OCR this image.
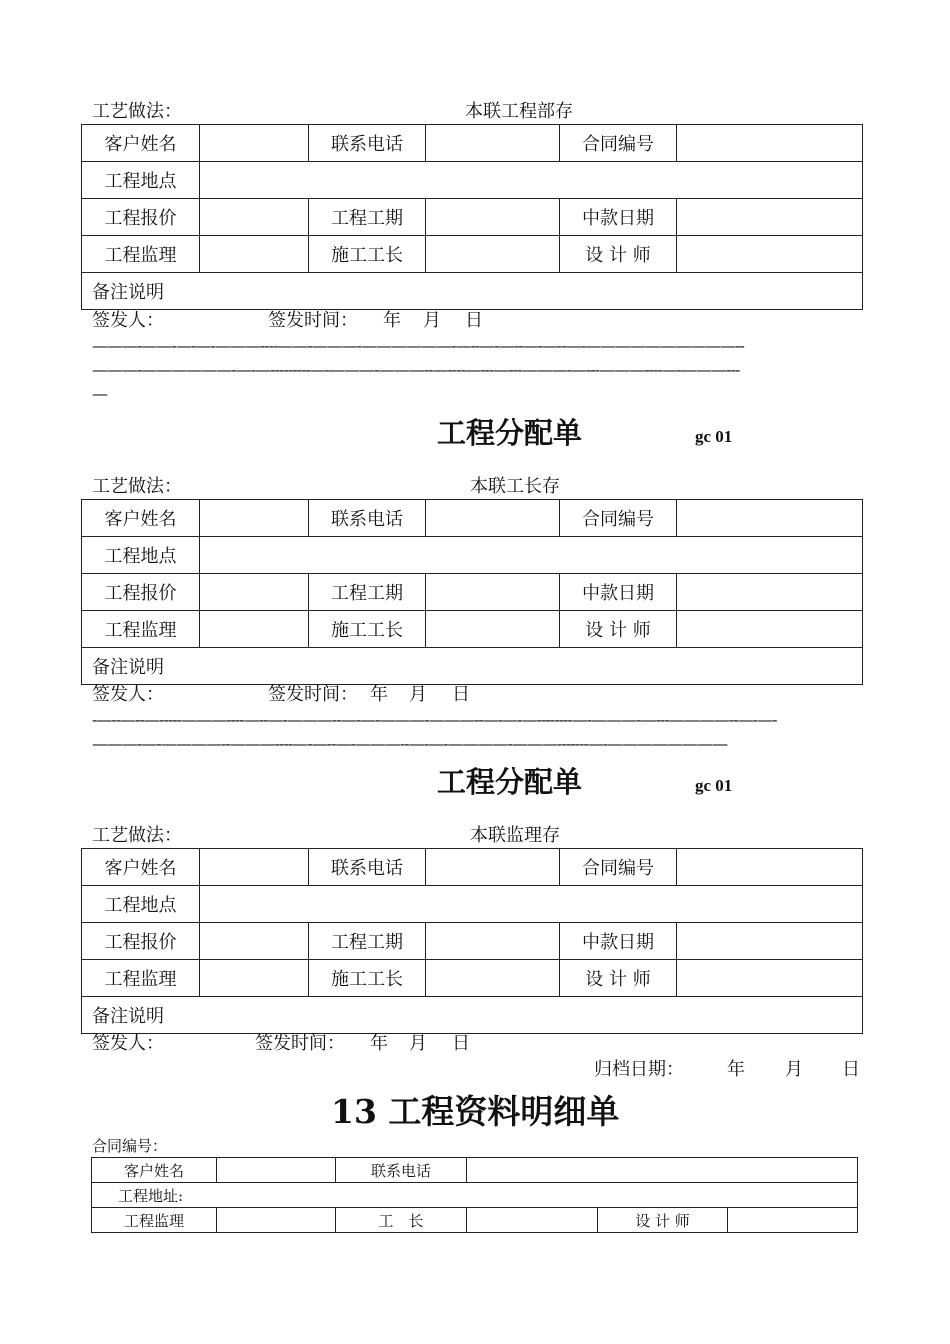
工艺做法：	本联工程部存
客户姓名		联系电话		合同编号	
工程地点					
工程报价		工程工期		中款日期	
工程监理		施工工长		设 计 师	
备注说明					
签发人：	签发时间： 年 月 日
———-——-—-—-———----——-———-——————-—--—-—--—-—--—-——————————--
———-——————-—-—---------—-———-———--—----—---—---———-—---———----—-———---
—
工程分配单	gc 01
工艺做法：	本联工长存
客户姓名		联系电话		合同编号	
工程地点					
工程报价		工程工期		中款日期	
工程监理		施工工长		设 计 师	
备注说明					
签发人：	签发时间： 年 月 日
-—--—--—-----———----—--—-———--—-—-———-———--—-—-—--------—-———-—---————--—-—-
———-—-————--———----—-—--—-———--—-—-————-———-------—-————————
工程分配单	gc 01
工艺做法：	本联监理存
客户姓名		联系电话		合同编号	
工程地点					
工程报价		工程工期		中款日期	
工程监理		施工工长		设 计 师	
备注说明					
签发人：	签发时间： 年 月 日
归档日期： 年 月 日
13 工程资料明细单
合同编号：
客户姓名		联系电话			
工程地址:					
工程监理		工　长		设 计 师	
